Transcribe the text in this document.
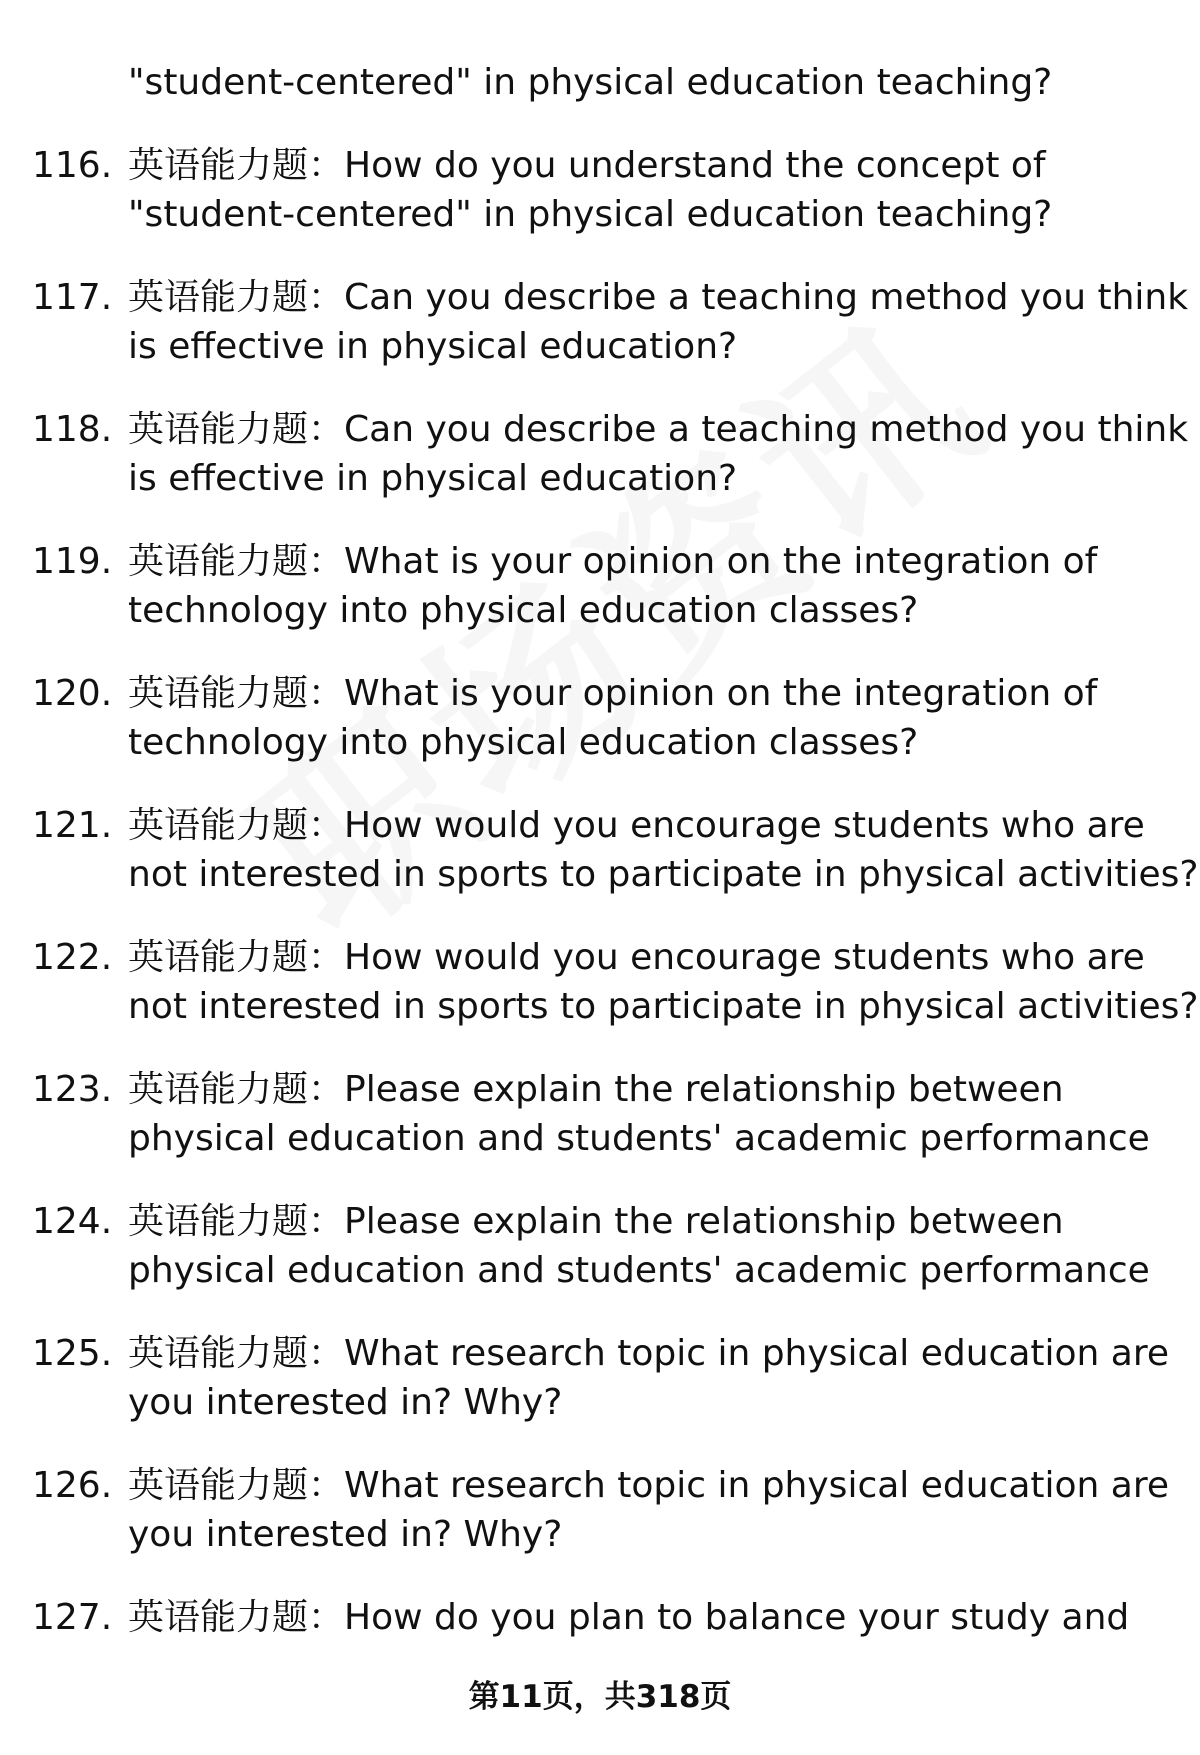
"student-centered" in physical education teaching?
116. 英语能力题：How do you understand the concept of
"student-centered" in physical education teaching?
117. 英语能力题：Can you describe a teaching method you think
is effective in physical education?
118. 英语能力题：Can you describe a teaching method you think
is effective in physical education?
119. 英语能力题：What is your opinion on the integration of
technology into physical education classes?
120. 英语能力题：What is your opinion on the integration of
technology into physical education classes?
121. 英语能力题：How would you encourage students who are
not interested in sports to participate in physical activities?
122. 英语能力题：How would you encourage students who are
not interested in sports to participate in physical activities?
123. 英语能力题：Please explain the relationship between
physical education and students' academic performance
124. 英语能力题：Please explain the relationship between
physical education and students' academic performance
125. 英语能力题：What research topic in physical education are
you interested in? Why?
126. 英语能力题：What research topic in physical education are
you interested in? Why?
127. 英语能力题：How do you plan to balance your study and
第11页，共318页
